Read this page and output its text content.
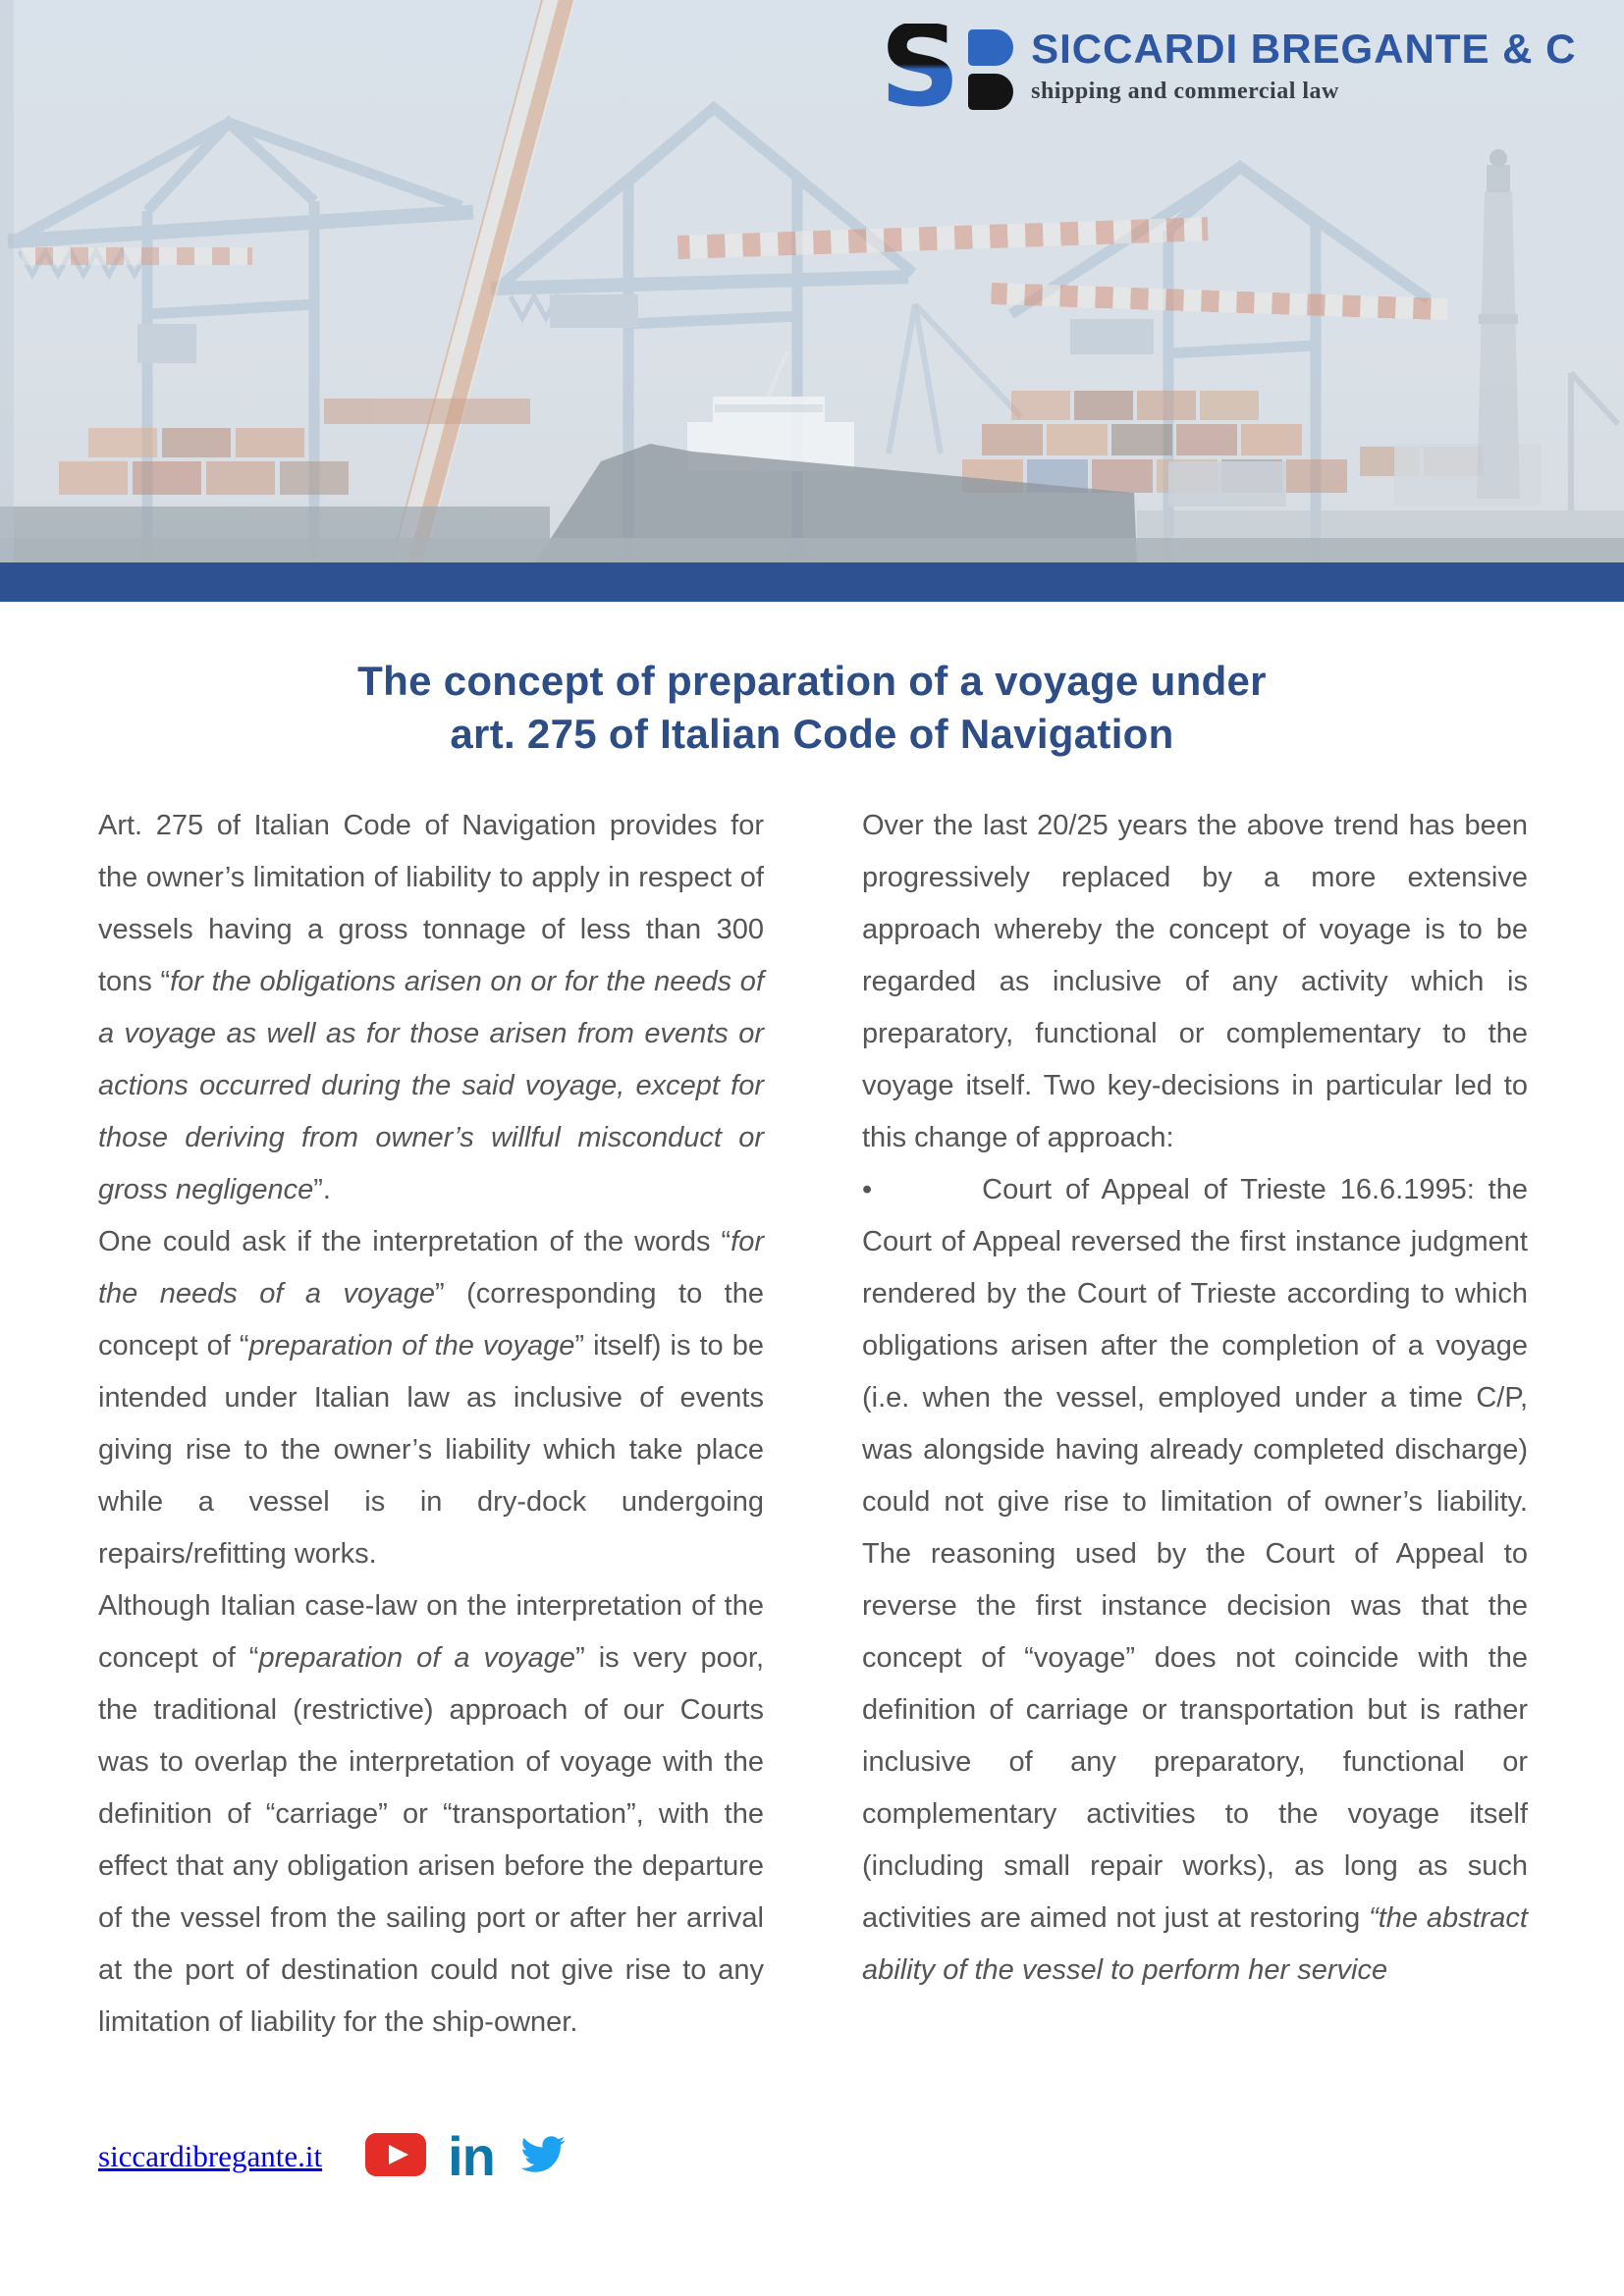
S SICCARDI BREGANTE & C
shipping and commercial law
The concept of preparation of a voyage under
art. 275 of Italian Code of Navigation

Art. 275 of Italian Code of Navigation provides for the owner’s limitation of liability to apply in respect of vessels having a gross tonnage of less than 300 tons “for the obligations arisen on or for the needs of a voyage as well as for those arisen from events or actions occurred during the said voyage, except for those deriving from owner’s willful misconduct or gross negligence”.

One could ask if the interpretation of the words “for the needs of a voyage” (corresponding to the concept of “preparation of the voyage” itself) is to be intended under Italian law as inclusive of events giving rise to the owner’s liability which take place while a vessel is in dry-dock undergoing repairs/refitting works.

Although Italian case-law on the interpretation of the concept of “preparation of a voyage” is very poor, the traditional (restrictive) approach of our Courts was to overlap the interpretation of voyage with the definition of “carriage” or “transportation”, with the effect that any obligation arisen before the departure of the vessel from the sailing port or after her arrival at the port of destination could not give rise to any limitation of liability for the ship-owner.

Over the last 20/25 years the above trend has been progressively replaced by a more extensive approach whereby the concept of voyage is to be regarded as inclusive of any activity which is preparatory, functional or complementary to the voyage itself. Two key-decisions in particular led to this change of approach:

•	Court of Appeal of Trieste 16.6.1995: the Court of Appeal reversed the first instance judgment rendered by the Court of Trieste according to which obligations arisen after the completion of a voyage (i.e. when the vessel, employed under a time C/P, was alongside having already completed discharge) could not give rise to limitation of owner’s liability. The reasoning used by the Court of Appeal to reverse the first instance decision was that the concept of “voyage” does not coincide with the definition of carriage or transportation but is rather inclusive of any preparatory, functional or complementary activities to the voyage itself (including small repair works), as long as such activities are aimed not just at restoring “the abstract ability of the vessel to perform her service

siccardibregante.it in
